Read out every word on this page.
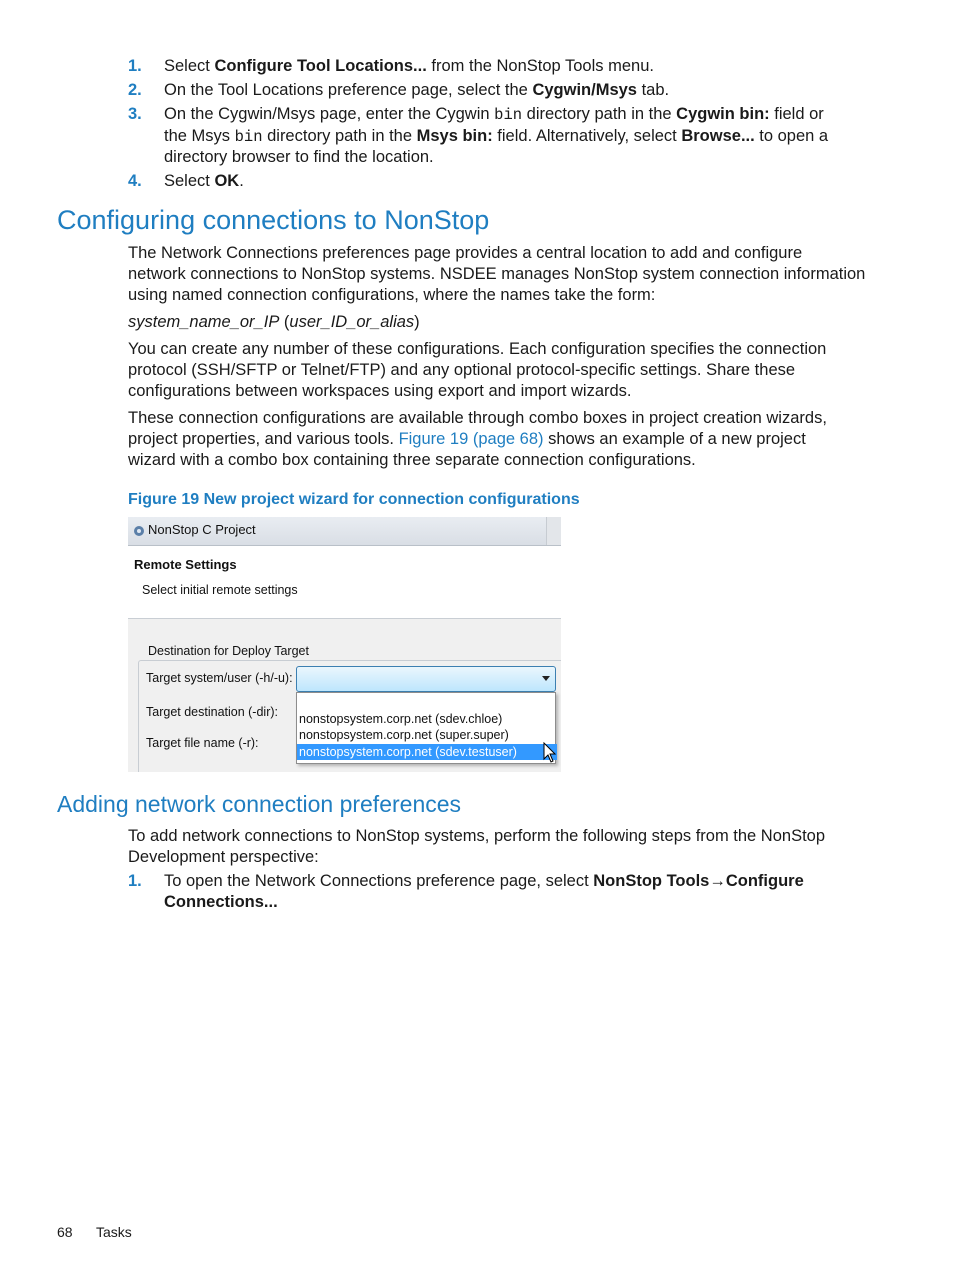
1. Select Configure Tool Locations... from the NonStop Tools menu.
2. On the Tool Locations preference page, select the Cygwin/Msys tab.
3. On the Cygwin/Msys page, enter the Cygwin bin directory path in the Cygwin bin: field or
the Msys bin directory path in the Msys bin: field. Alternatively, select Browse... to open a
directory browser to find the location.
4. Select OK.
Configuring connections to NonStop
The Network Connections preferences page provides a central location to add and configure
network connections to NonStop systems. NSDEE manages NonStop system connection information
using named connection configurations, where the names take the form:
system_name_or_IP (user_ID_or_alias)
You can create any number of these configurations. Each configuration specifies the connection
protocol (SSH/SFTP or Telnet/FTP) and any optional protocol-specific settings. Share these
configurations between workspaces using export and import wizards.
These connection configurations are available through combo boxes in project creation wizards,
project properties, and various tools. Figure 19 (page 68) shows an example of a new project
wizard with a combo box containing three separate connection configurations.
Figure 19 New project wizard for connection configurations
NonStop C Project
Remote Settings
Select initial remote settings
Destination for Deploy Target
Target system/user (-h/-u):
Target destination (-dir):
Target file name (-r):
nonstopsystem.corp.net (sdev.chloe)
nonstopsystem.corp.net (super.super)
nonstopsystem.corp.net (sdev.testuser)
Adding network connection preferences
To add network connections to NonStop systems, perform the following steps from the NonStop
Development perspective:
1. To open the Network Connections preference page, select NonStop Tools→Configure
Connections...
68 Tasks
